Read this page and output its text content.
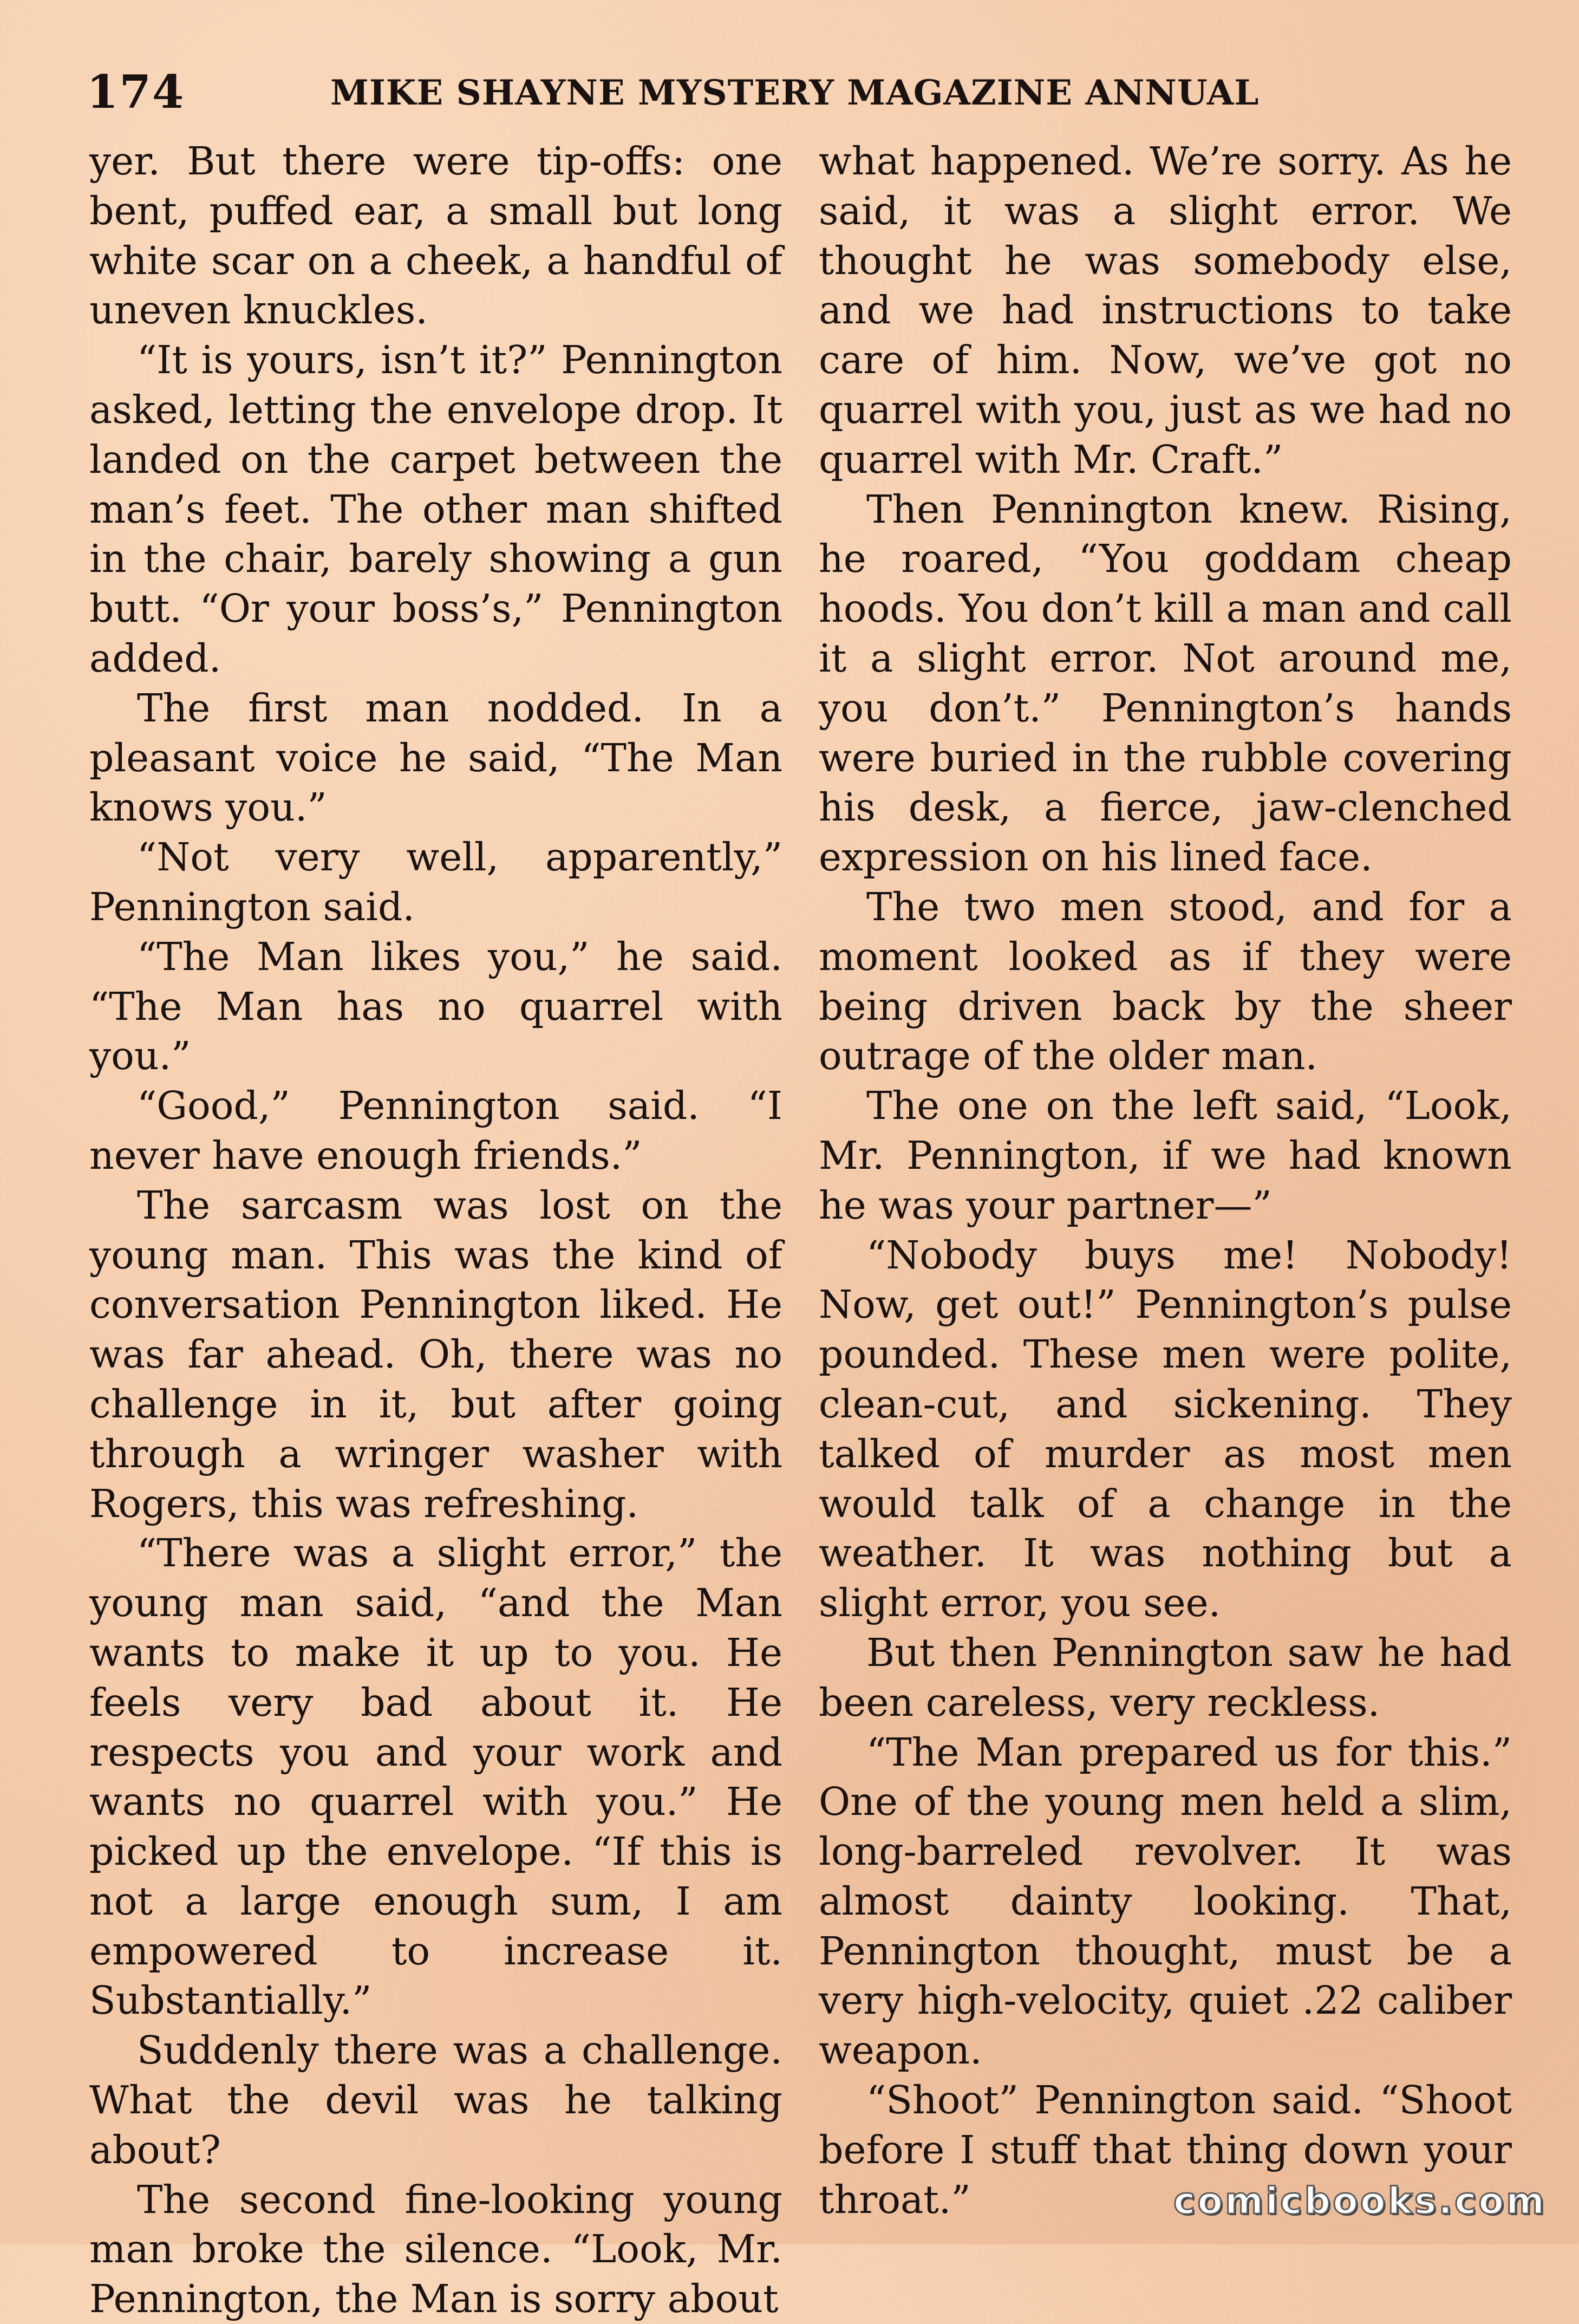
174	MIKE SHAYNE MYSTERY MAGAZINE ANNUAL

yer. But there were tip-offs: one bent, puffed ear, a small but long white scar on a cheek, a handful of uneven knuckles.

“It is yours, isn’t it?” Pennington asked, letting the envelope drop. It landed on the carpet between the man’s feet. The other man shifted in the chair, barely showing a gun butt. “Or your boss’s,” Pennington added.

The first man nodded. In a pleasant voice he said, “The Man knows you.”

“Not very well, apparently,” Pennington said.

“The Man likes you,” he said. “The Man has no quarrel with you.”

“Good,” Pennington said. “I never have enough friends.”

The sarcasm was lost on the young man. This was the kind of conversation Pennington liked. He was far ahead. Oh, there was no challenge in it, but after going through a wringer washer with Rogers, this was refreshing.

“There was a slight error,” the young man said, “and the Man wants to make it up to you. He feels very bad about it. He respects you and your work and wants no quarrel with you.” He picked up the envelope. “If this is not a large enough sum, I am empowered to increase it. Substantially.”

Suddenly there was a challenge. What the devil was he talking about?

The second fine-looking young man broke the silence. “Look, Mr. Pennington, the Man is sorry about

what happened. We’re sorry. As he said, it was a slight error. We thought he was somebody else, and we had instructions to take care of him. Now, we’ve got no quarrel with you, just as we had no quarrel with Mr. Craft.”

Then Pennington knew. Rising, he roared, “You goddam cheap hoods. You don’t kill a man and call it a slight error. Not around me, you don’t.” Pennington’s hands were buried in the rubble covering his desk, a fierce, jaw-clenched expression on his lined face.

The two men stood, and for a moment looked as if they were being driven back by the sheer outrage of the older man.

The one on the left said, “Look, Mr. Pennington, if we had known he was your partner—”

“Nobody buys me! Nobody! Now, get out!” Pennington’s pulse pounded. These men were polite, clean-cut, and sickening. They talked of murder as most men would talk of a change in the weather. It was nothing but a slight error, you see.

But then Pennington saw he had been careless, very reckless.

“The Man prepared us for this.” One of the young men held a slim, long-barreled revolver. It was almost dainty looking. That, Pennington thought, must be a very high-velocity, quiet .22 caliber weapon.

“Shoot” Pennington said. “Shoot before I stuff that thing down your throat.”	comicbooks.com
